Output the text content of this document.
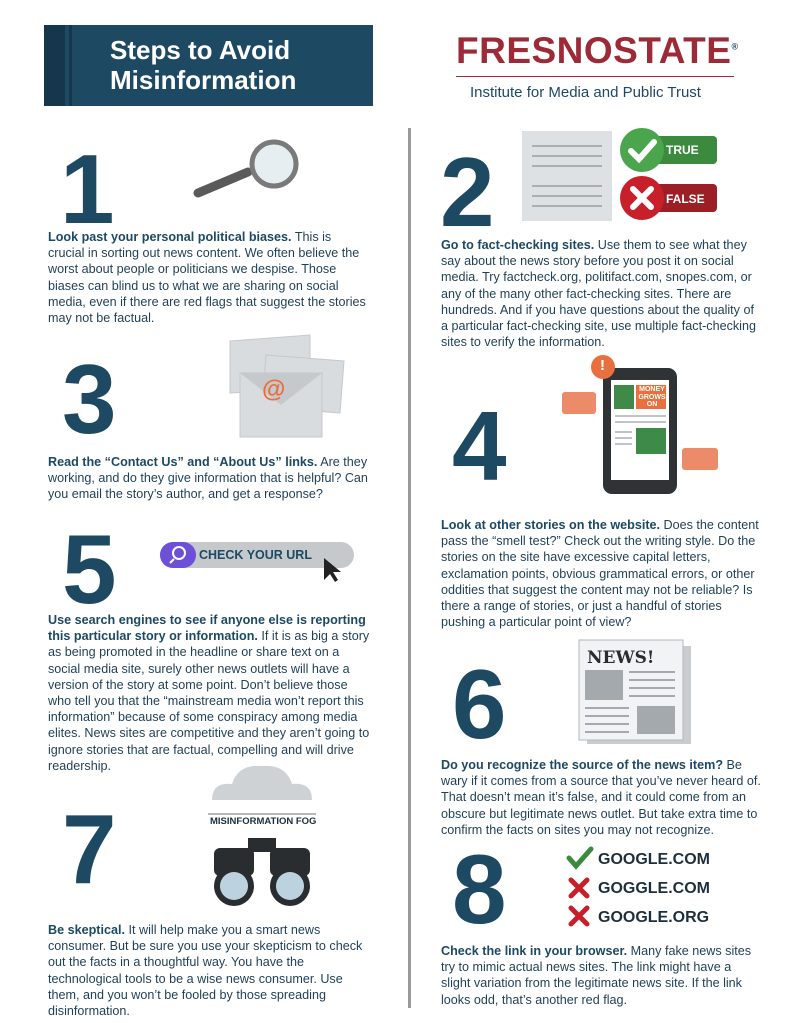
Steps to Avoid
Misinformation
FRESNOSTATE®
Institute for Media and Public Trust
1
Look past your personal political biases. This is crucial in sorting out news content. We often believe the worst about people or politicians we despise. Those biases can blind us to what we are sharing on social media, even if there are red flags that suggest the stories may not be factual.
2	TRUE
FALSE
Go to fact-checking sites. Use them to see what they say about the news story before you post it on social media. Try factcheck.org, politifact.com, snopes.com, or any of the many other fact-checking sites. There are hundreds. And if you have questions about the quality of a particular fact-checking site, use multiple fact-checking sites to verify the information.
3	@
Read the “Contact Us” and “About Us” links. Are they working, and do they give information that is helpful? Can you email the story’s author, and get a response?	4
!
MONEY GROWS ON TREES
Look at other stories on the website. Does the content pass the “smell test?” Check out the writing style. Do the stories on the site have excessive capital letters, exclamation points, obvious grammatical errors, or other oddities that suggest the content may not be reliable? Is there a range of stories, or just a handful of stories pushing a particular point of view?
5	CHECK YOUR URL
Use search engines to see if anyone else is reporting this particular story or information. If it is as big a story as being promoted in the headline or share text on a social media site, surely other news outlets will have a version of the story at some point. Don’t believe those who tell you that the “mainstream media won’t report this information” because of some conspiracy among media elites. News sites are competitive and they aren’t going to ignore stories that are factual, compelling and will drive readership.
6	NEWS!
Do you recognize the source of the news item? Be wary if it comes from a source that you’ve never heard of. That doesn’t mean it’s false, and it could come from an obscure but legitimate news outlet. But take extra time to confirm the facts on sites you may not recognize.
7	MISINFORMATION FOG
Be skeptical. It will help make you a smart news consumer. But be sure you use your skepticism to check out the facts in a thoughtful way. You have the technological tools to be a wise news consumer. Use them, and you won’t be fooled by those spreading disinformation.
8	GOOGLE.COM
GOGGLE.COM
GOOGLE.ORG
Check the link in your browser. Many fake news sites try to mimic actual news sites. The link might have a slight variation from the legitimate news site. If the link looks odd, that’s another red flag.
